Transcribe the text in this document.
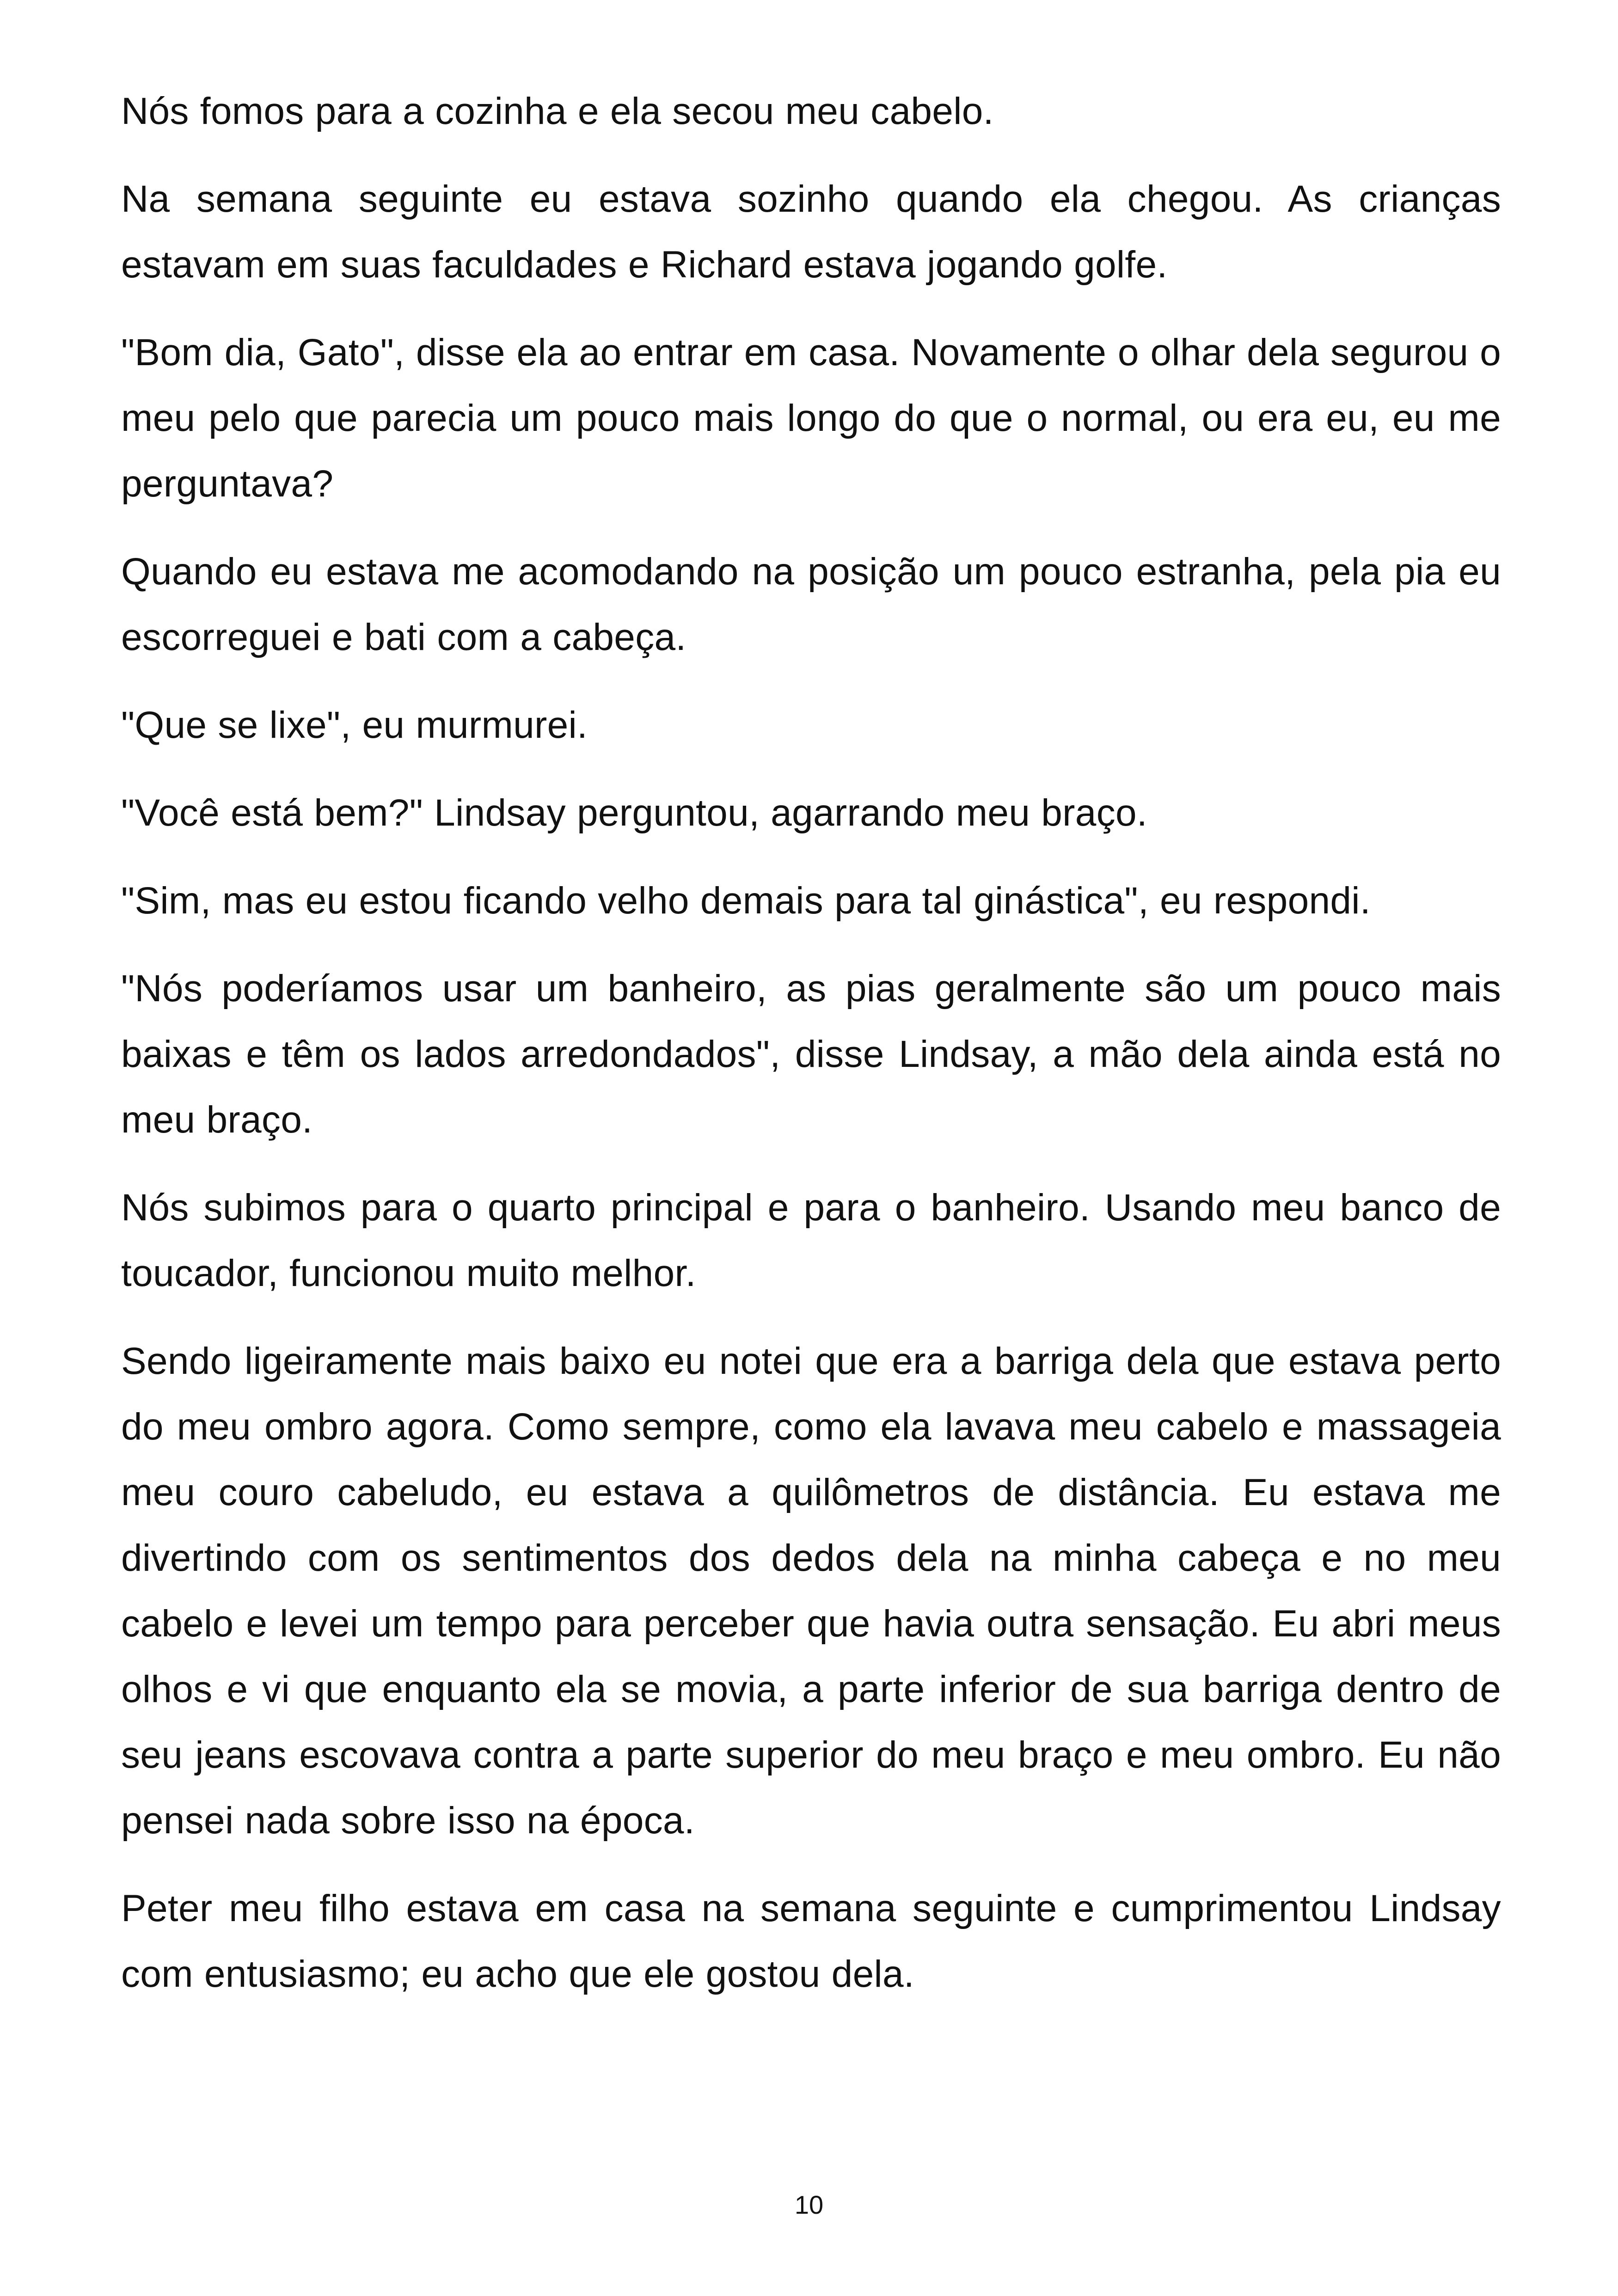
Nós fomos para a cozinha e ela secou meu cabelo.

Na semana seguinte eu estava sozinho quando ela chegou. As crianças estavam em suas faculdades e Richard estava jogando golfe.

"Bom dia, Gato", disse ela ao entrar em casa. Novamente o olhar dela segurou o meu pelo que parecia um pouco mais longo do que o normal, ou era eu, eu me perguntava?

Quando eu estava me acomodando na posição um pouco estranha, pela pia eu escorreguei e bati com a cabeça.

"Que se lixe", eu murmurei.

"Você está bem?" Lindsay perguntou, agarrando meu braço.

"Sim, mas eu estou ficando velho demais para tal ginástica", eu respondi.

"Nós poderíamos usar um banheiro, as pias geralmente são um pouco mais baixas e têm os lados arredondados", disse Lindsay, a mão dela ainda está no meu braço.

Nós subimos para o quarto principal e para o banheiro. Usando meu banco de toucador, funcionou muito melhor.

Sendo ligeiramente mais baixo eu notei que era a barriga dela que estava perto do meu ombro agora. Como sempre, como ela lavava meu cabelo e massageia meu couro cabeludo, eu estava a quilômetros de distância. Eu estava me divertindo com os sentimentos dos dedos dela na minha cabeça e no meu cabelo e levei um tempo para perceber que havia outra sensação. Eu abri meus olhos e vi que enquanto ela se movia, a parte inferior de sua barriga dentro de seu jeans escovava contra a parte superior do meu braço e meu ombro. Eu não pensei nada sobre isso na época.

Peter meu filho estava em casa na semana seguinte e cumprimentou Lindsay com entusiasmo; eu acho que ele gostou dela.

10
